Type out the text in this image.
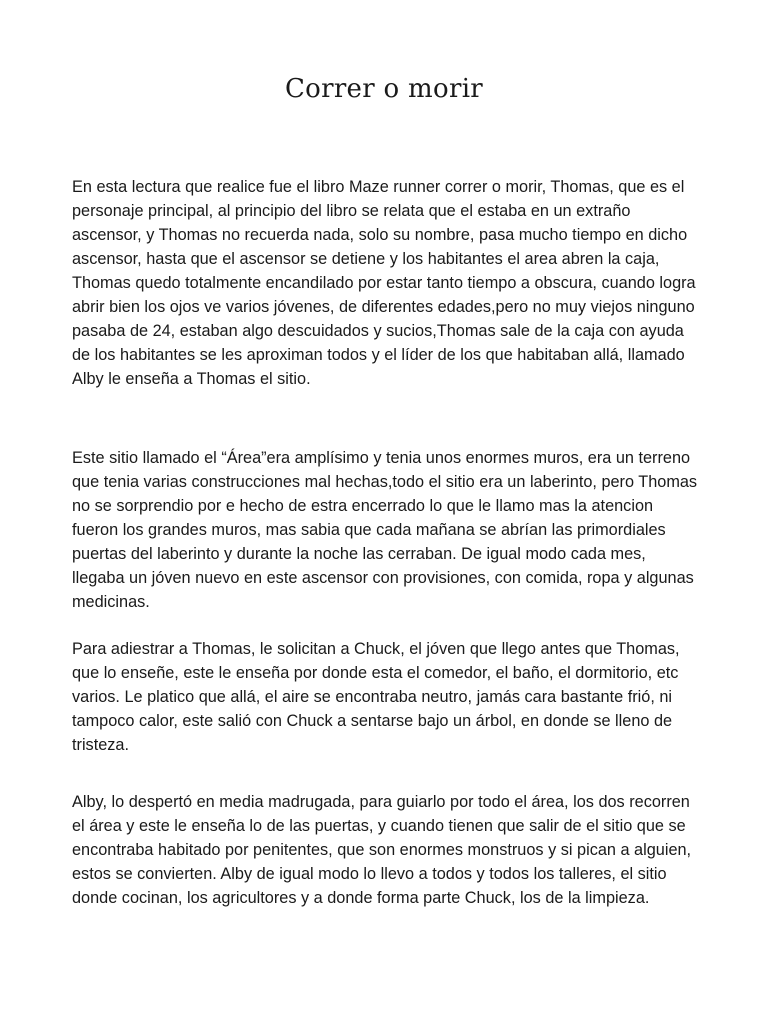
Correr o morir

En esta lectura que realice fue el libro Maze runner correr o morir, Thomas, que es el personaje principal, al principio del libro se relata que el estaba en un extraño ascensor, y Thomas no recuerda nada, solo su nombre, pasa mucho tiempo en dicho ascensor, hasta que el ascensor se detiene y los habitantes el area abren la caja, Thomas quedo totalmente encandilado por estar tanto tiempo a obscura, cuando logra abrir bien los ojos ve varios jóvenes, de diferentes edades,pero no muy viejos ninguno pasaba de 24, estaban algo descuidados y sucios,Thomas sale de la caja con ayuda de los habitantes se les aproximan todos y el líder de los que habitaban allá, llamado Alby le enseña a Thomas el sitio.

Este sitio llamado el “Área”era amplísimo y tenia unos enormes muros, era un terreno que tenia varias construcciones mal hechas,todo el sitio era un laberinto, pero Thomas no se sorprendio por e hecho de estra encerrado lo que le llamo mas la atencion fueron los grandes muros, mas sabia que cada mañana se abrían las primordiales puertas del laberinto y durante la noche las cerraban. De igual modo cada mes, llegaba un jóven nuevo en este ascensor con provisiones, con comida, ropa y algunas medicinas.

Para adiestrar a Thomas, le solicitan a Chuck, el jóven que llego antes que Thomas, que lo enseñe, este le enseña por donde esta el comedor, el baño, el dormitorio, etc varios. Le platico que allá, el aire se encontraba neutro, jamás cara bastante frió, ni tampoco calor, este salió con Chuck a sentarse bajo un árbol, en donde se lleno de tristeza.

Alby, lo despertó en media madrugada, para guiarlo por todo el área, los dos recorren el área y este le enseña lo de las puertas, y cuando tienen que salir de el sitio que se encontraba habitado por penitentes, que son enormes monstruos y si pican a alguien, estos se convierten. Alby de igual modo lo llevo a todos y todos los talleres, el sitio donde cocinan, los agricultores y a donde forma parte Chuck, los de la limpieza.
